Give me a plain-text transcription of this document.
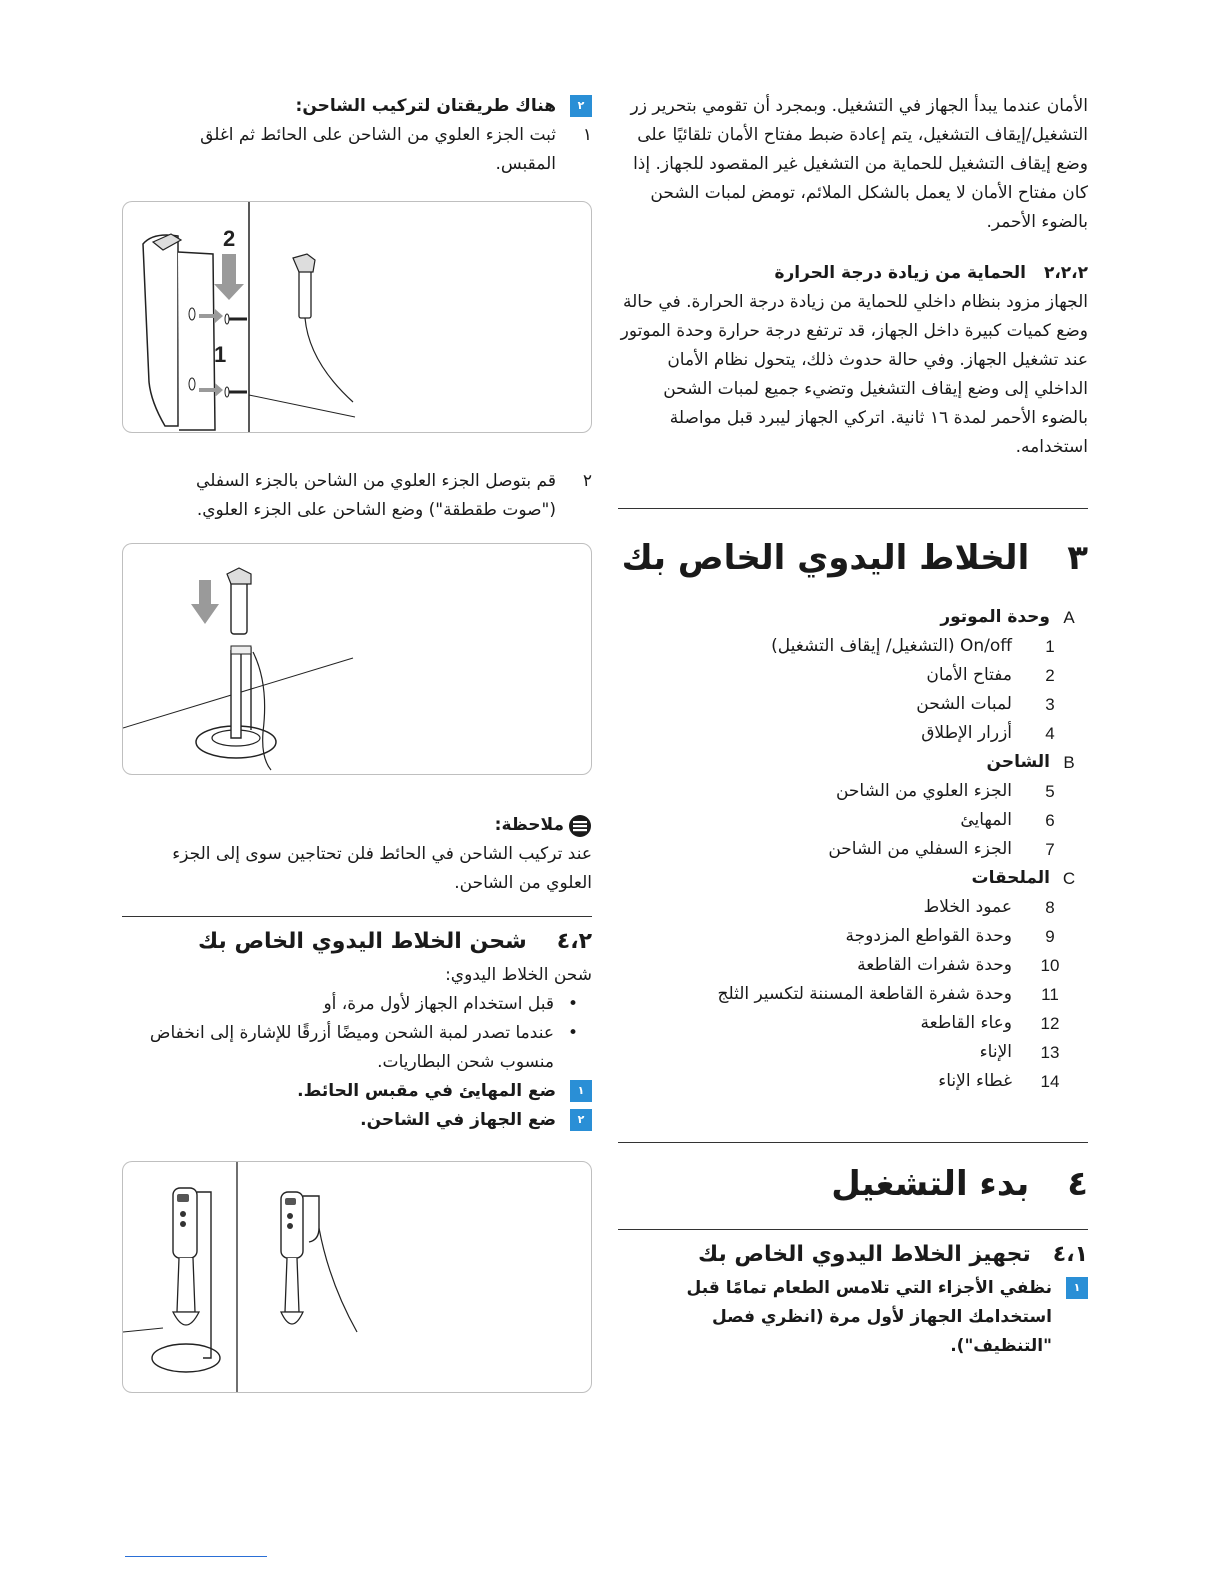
الأمان عندما يبدأ الجهاز في التشغيل. وبمجرد أن تقومي بتحرير زر التشغيل/إيقاف التشغيل، يتم إعادة ضبط مفتاح الأمان تلقائيًا على وضع إيقاف التشغيل للحماية من التشغيل غير المقصود للجهاز. إذا كان مفتاح الأمان لا يعمل بالشكل الملائم، تومض لمبات الشحن بالضوء الأحمر.

٢،٢،٢الحماية من زيادة درجة الحرارة

الجهاز مزود بنظام داخلي للحماية من زيادة درجة الحرارة. في حالة وضع كميات كبيرة داخل الجهاز، قد ترتفع درجة حرارة وحدة الموتور عند تشغيل الجهاز. وفي حالة حدوث ذلك، يتحول نظام الأمان الداخلي إلى وضع إيقاف التشغيل وتضيء جميع لمبات الشحن بالضوء الأحمر لمدة ١٦ ثانية. اتركي الجهاز ليبرد قبل مواصلة استخدامه.

٣الخلاط اليدوي الخاص بك
A
وحدة الموتور
1
On/off (التشغيل/ إيقاف التشغيل)
2
مفتاح الأمان
3
لمبات الشحن
4
أزرار الإطلاق
B
الشاحن
5
الجزء العلوي من الشاحن
6
المهايئ
7
الجزء السفلي من الشاحن
C
الملحقات
8
عمود الخلاط
9
وحدة القواطع المزدوجة
10
وحدة شفرات القاطعة
11
وحدة شفرة القاطعة المسننة لتكسير الثلج
12
وعاء القاطعة
13
الإناء
14
غطاء الإناء
٤بدء التشغيل
٤،١تجهيز الخلاط اليدوي الخاص بك
١
نظفي الأجزاء التي تلامس الطعام تمامًا قبل استخدامك الجهاز لأول مرة (انظري فصل "التنظيف").
٢
هناك طريقتان لتركيب الشاحن:
١
ثبت الجزء العلوي من الشاحن على الحائط ثم اغلق المقبس.
2
1
٢
قم بتوصل الجزء العلوي من الشاحن بالجزء السفلي ("صوت طقطقة") وضع الشاحن على الجزء العلوي.
ملاحظة:

عند تركيب الشاحن في الحائط فلن تحتاجين سوى إلى الجزء العلوي من الشاحن.

٤،٢شحن الخلاط اليدوي الخاص بك

شحن الخلاط اليدوي:

•
قبل استخدام الجهاز لأول مرة، أو
•
عندما تصدر لمبة الشحن وميضًا أزرقًا للإشارة إلى انخفاض منسوب شحن البطاريات.
١
ضع المهايئ في مقبس الحائط.
٢
ضع الجهاز في الشاحن.
